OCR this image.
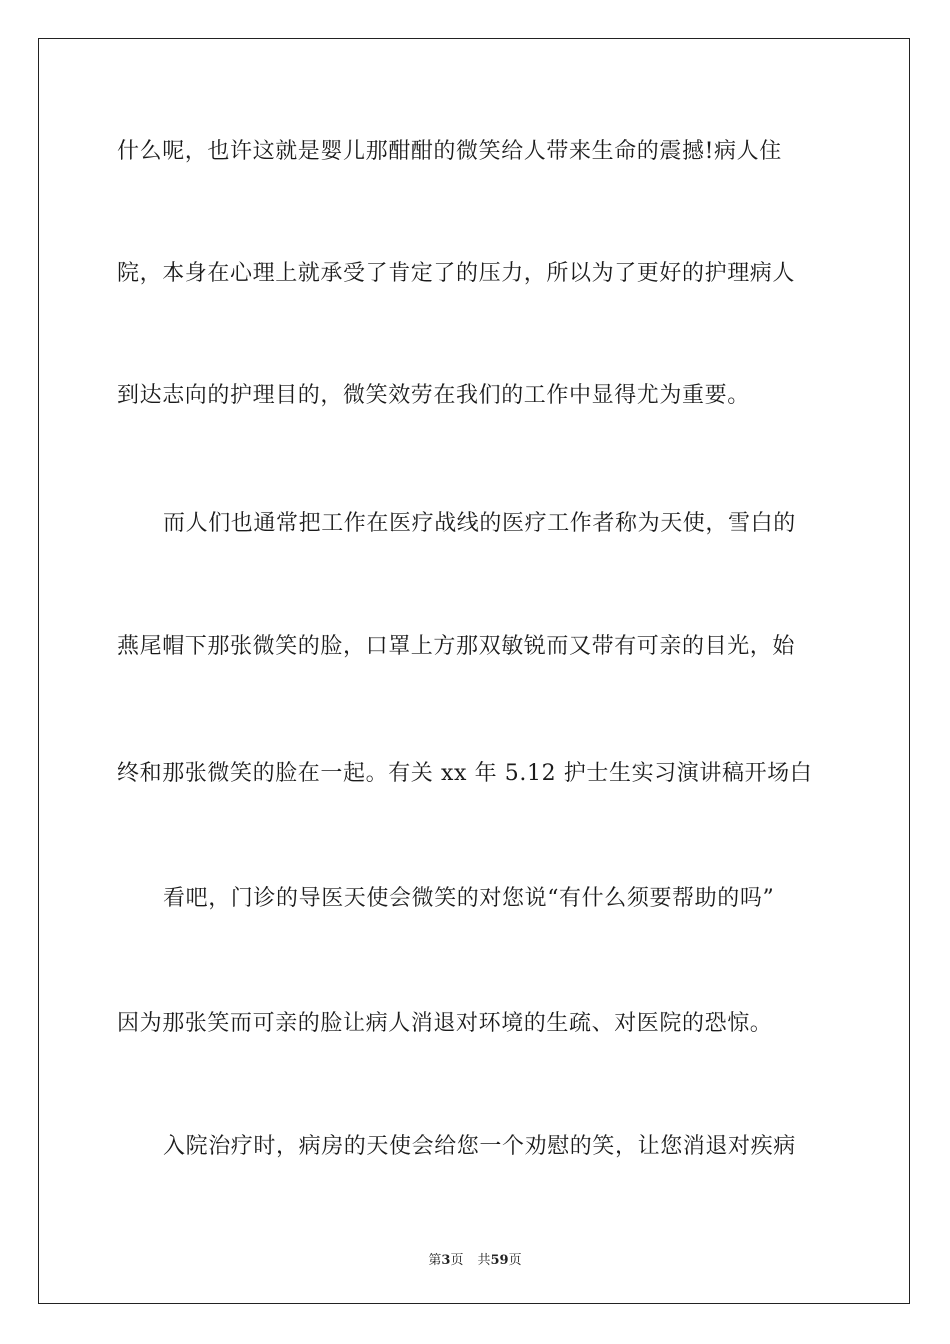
什么呢，也许这就是婴儿那酣酣的微笑给人带来生命的震撼!病人住
院，本身在心理上就承受了肯定了的压力，所以为了更好的护理病人
到达志向的护理目的，微笑效劳在我们的工作中显得尤为重要。
而人们也通常把工作在医疗战线的医疗工作者称为天使，雪白的
燕尾帽下那张微笑的脸，口罩上方那双敏锐而又带有可亲的目光，始
终和那张微笑的脸在一起。有关 xx 年 5.12 护士生实习演讲稿开场白
看吧，门诊的导医天使会微笑的对您说“有什么须要帮助的吗”
因为那张笑而可亲的脸让病人消退对环境的生疏、对医院的恐惊。
入院治疗时，病房的天使会给您一个劝慰的笑，让您消退对疾病
第3页 共59页
